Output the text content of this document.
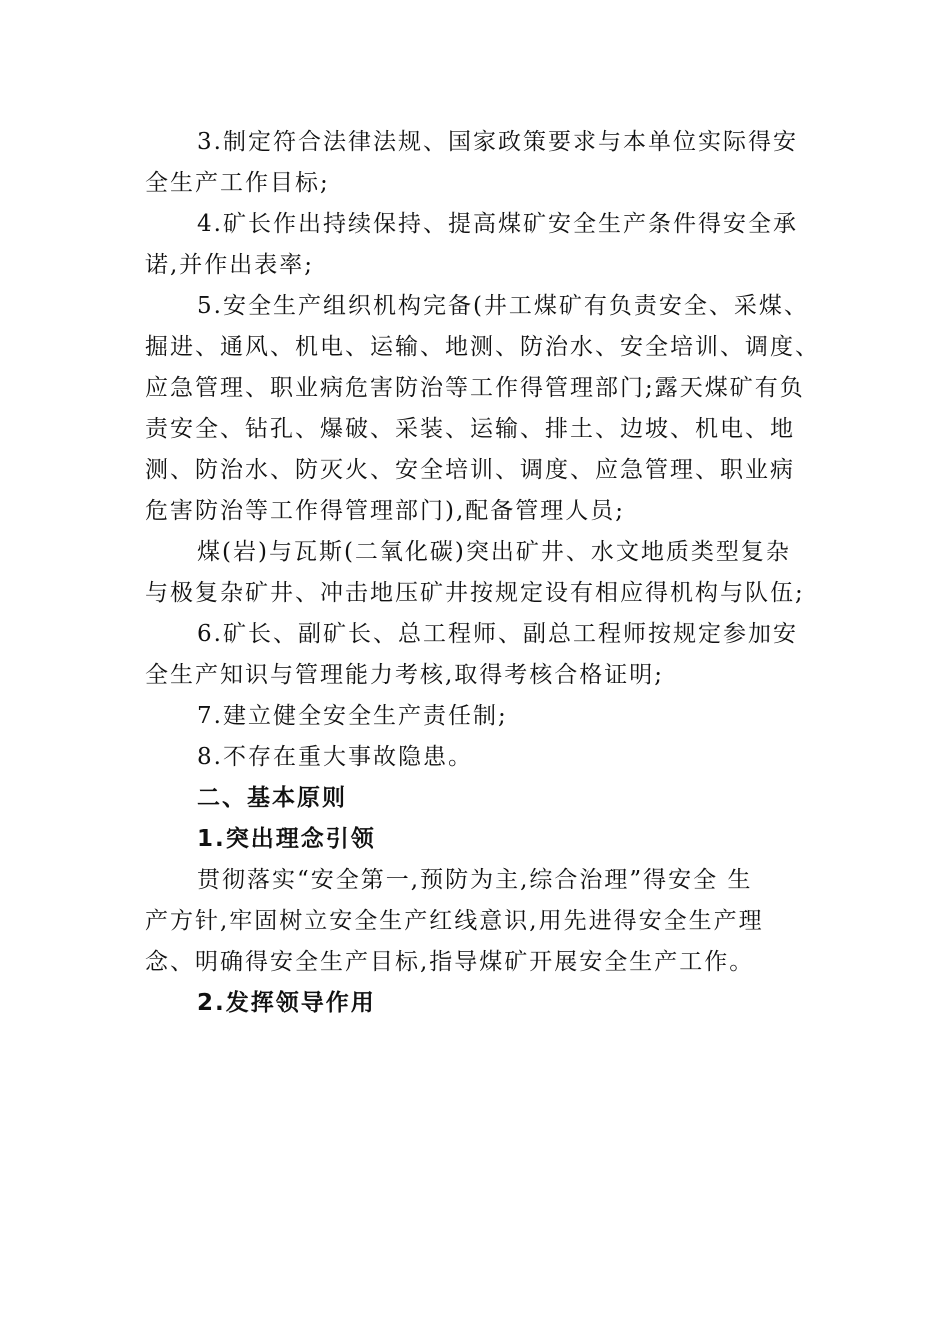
3.制定符合法律法规、国家政策要求与本单位实际得安
全生产工作目标;
4.矿长作出持续保持、提高煤矿安全生产条件得安全承
诺,并作出表率;
5.安全生产组织机构完备(井工煤矿有负责安全、采煤、
掘进、通风、机电、运输、地测、防治水、安全培训、调度、
应急管理、职业病危害防治等工作得管理部门;露天煤矿有负
责安全、钻孔、爆破、采装、运输、排土、边坡、机电、地
测、防治水、防灭火、安全培训、调度、应急管理、职业病
危害防治等工作得管理部门),配备管理人员;
煤(岩)与瓦斯(二氧化碳)突出矿井、水文地质类型复杂
与极复杂矿井、冲击地压矿井按规定设有相应得机构与队伍;
6.矿长、副矿长、总工程师、副总工程师按规定参加安
全生产知识与管理能力考核,取得考核合格证明;
7.建立健全安全生产责任制;
8.不存在重大事故隐患。
二、基本原则
1.突出理念引领
贯彻落实“安全第一,预防为主,综合治理”得安全 生
产方针,牢固树立安全生产红线意识,用先进得安全生产理
念、明确得安全生产目标,指导煤矿开展安全生产工作。
2.发挥领导作用
